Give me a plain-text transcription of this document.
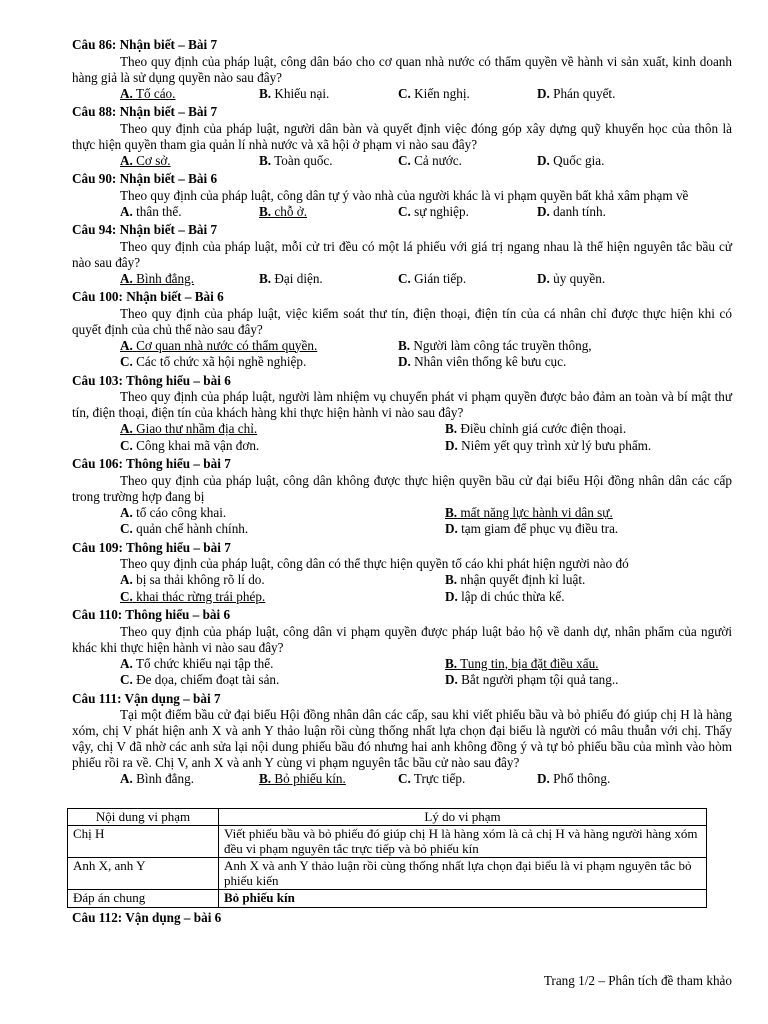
Câu 86: Nhận biết – Bài 7
Theo quy định của pháp luật, công dân báo cho cơ quan nhà nước có thẩm quyền về hành vi sản xuất, kinh doanh hàng giả là sử dụng quyền nào sau đây?
A. Tố cáo.	B. Khiếu nại.	C. Kiến nghị.	D. Phán quyết.
Câu 88: Nhận biết – Bài 7
Theo quy định của pháp luật, người dân bàn và quyết định việc đóng góp xây dựng quỹ khuyến học của thôn là thực hiện quyền tham gia quản lí nhà nước và xã hội ở phạm vi nào sau đây?
A. Cơ sở.	B. Toàn quốc.	C. Cả nước.	D. Quốc gia.
Câu 90: Nhận biết – Bài 6
Theo quy định của pháp luật, công dân tự ý vào nhà của người khác là vi phạm quyền bất khả xâm phạm về
A. thân thể.	B. chỗ ở.	C. sự nghiệp.	D. danh tính.
Câu 94: Nhận biết – Bài 7
Theo quy định của pháp luật, mỗi cử tri đều có một lá phiếu với giá trị ngang nhau là thể hiện nguyên tắc bầu cử nào sau đây?
A. Bình đẳng.	B. Đại diện.	C. Gián tiếp.	D. ủy quyền.
Câu 100: Nhận biết – Bài 6
Theo quy định của pháp luật, việc kiểm soát thư tín, điện thoại, điện tín của cá nhân chỉ được thực hiện khi có quyết định của chủ thể nào sau đây?
A. Cơ quan nhà nước có thẩm quyền.	B. Người làm công tác truyền thông,
C. Các tổ chức xã hội nghề nghiệp.	D. Nhân viên thống kê bưu cục.
Câu 103: Thông hiểu – bài 6
Theo quy định của pháp luật, người làm nhiệm vụ chuyển phát vi phạm quyền được bảo đảm an toàn và bí mật thư tín, điện thoại, điện tín của khách hàng khi thực hiện hành vi nào sau đây?
A. Giao thư nhầm địa chỉ.	B. Điều chỉnh giá cước điện thoại.
C. Công khai mã vận đơn.	D. Niêm yết quy trình xử lý bưu phẩm.
Câu 106: Thông hiểu – bài 7
Theo quy định của pháp luật, công dân không được thực hiện quyền bầu cử đại biểu Hội đồng nhân dân các cấp trong trường hợp đang bị
A. tố cáo công khai.	B. mất năng lực hành vi dân sự.
C. quản chế hành chính.	D. tạm giam để phục vụ điều tra.
Câu 109: Thông hiểu – bài 7
Theo quy định của pháp luật, công dân có thể thực hiện quyền tố cáo khi phát hiện người nào đó
A. bị sa thải không rõ lí do.	B. nhận quyết định kỉ luật.
C. khai thác rừng trái phép.	D. lập di chúc thừa kế.
Câu 110: Thông hiểu – bài 6
Theo quy định của pháp luật, công dân vi phạm quyền được pháp luật bảo hộ về danh dự, nhân phẩm của người khác khi thực hiện hành vi nào sau đây?
A. Tổ chức khiếu nại tập thể.	B. Tung tin, bịa đặt điều xấu.
C. Đe dọa, chiếm đoạt tài sản.	D. Bắt người phạm tội quả tang..
Câu 111: Vận dụng – bài 7
Tại một điểm bầu cử đại biểu Hội đồng nhân dân các cấp, sau khi viết phiếu bầu và bỏ phiếu đó giúp chị H là hàng xóm, chị V phát hiện anh X và anh Y thảo luận rồi cùng thống nhất lựa chọn đại biểu là người có mâu thuẫn với chị. Thấy vậy, chị V đã nhờ các anh sửa lại nội dung phiếu bầu đó nhưng hai anh không đồng ý và tự bỏ phiếu bầu của mình vào hòm phiếu rồi ra về. Chị V, anh X và anh Y cùng vi phạm nguyên tắc bầu cử nào sau đây?
A. Bình đẳng.	B. Bỏ phiếu kín.	C. Trực tiếp.	D. Phổ thông.
Nội dung vi phạm	Lý do vi phạm
Chị H	Viết phiếu bầu và bỏ phiếu đó giúp chị H là hàng xóm là cả chị H và hàng người hàng xóm đều vi phạm nguyên tắc trực tiếp và bỏ phiếu kín
Anh X, anh Y	Anh X và anh Y thảo luận rồi cùng thống nhất lựa chọn đại biểu là vi phạm nguyên tắc bỏ phiếu kiến
Đáp án chung	Bỏ phiếu kín
Câu 112: Vận dụng – bài 6
Trang 1/2 – Phân tích đề tham khảo
